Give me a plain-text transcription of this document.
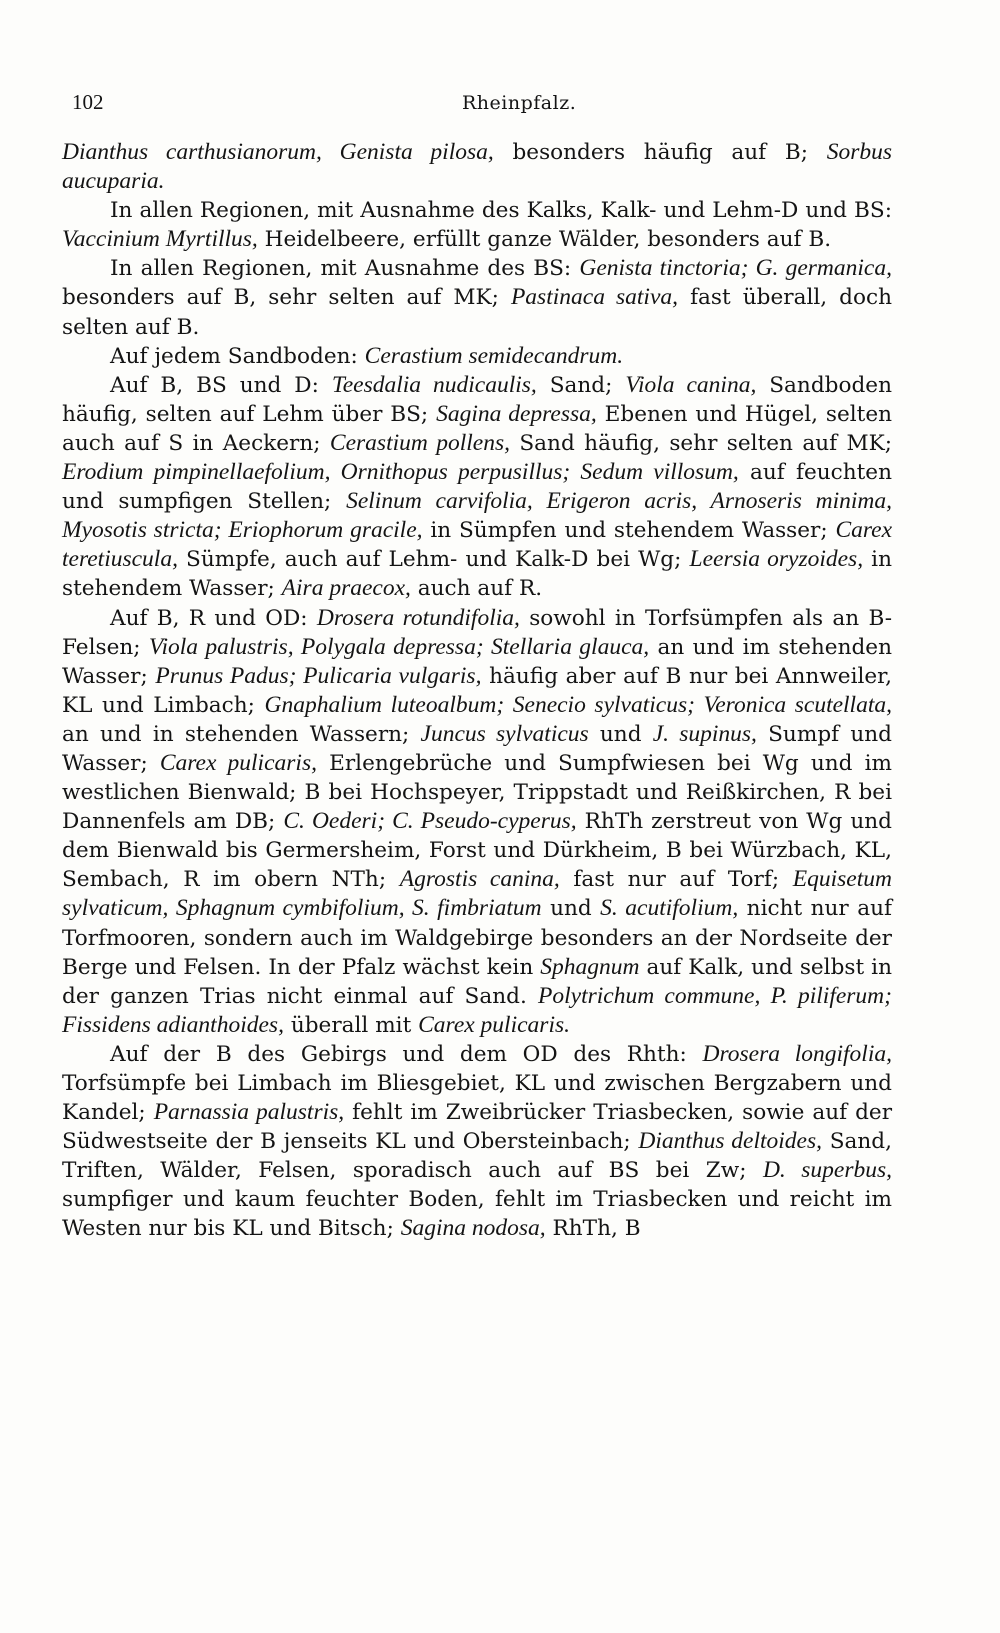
102	Rheinpfalz.

Dianthus carthusianorum, Genista pilosa, besonders häufig auf B; Sorbus aucuparia.

In allen Regionen, mit Ausnahme des Kalks, Kalk- und Lehm-D und BS: Vaccinium Myrtillus, Heidelbeere, erfüllt ganze Wälder, besonders auf B.

In allen Regionen, mit Ausnahme des BS: Genista tinctoria; G. germanica, besonders auf B, sehr selten auf MK; Pastinaca sativa, fast überall, doch selten auf B.

Auf jedem Sandboden: Cerastium semidecandrum.

Auf B, BS und D: Teesdalia nudicaulis, Sand; Viola canina, Sandboden häufig, selten auf Lehm über BS; Sagina depressa, Ebenen und Hügel, selten auch auf S in Aeckern; Cerastium pollens, Sand häufig, sehr selten auf MK; Erodium pimpinellaefolium, Ornithopus perpusillus; Sedum villosum, auf feuchten und sumpfigen Stellen; Selinum carvifolia, Erigeron acris, Arnoseris minima, Myosotis stricta; Eriophorum gracile, in Sümpfen und stehendem Wasser; Carex teretiuscula, Sümpfe, auch auf Lehm- und Kalk-D bei Wg; Leersia oryzoides, in stehendem Wasser; Aira praecox, auch auf R.

Auf B, R und OD: Drosera rotundifolia, sowohl in Torfsümpfen als an B-Felsen; Viola palustris, Polygala depressa; Stellaria glauca, an und im stehenden Wasser; Prunus Padus; Pulicaria vulgaris, häufig aber auf B nur bei Annweiler, KL und Limbach; Gnaphalium luteoalbum; Senecio sylvaticus; Veronica scutellata, an und in stehenden Wassern; Juncus sylvaticus und J. supinus, Sumpf und Wasser; Carex pulicaris, Erlengebrüche und Sumpfwiesen bei Wg und im westlichen Bienwald; B bei Hochspeyer, Trippstadt und Reißkirchen, R bei Dannenfels am DB; C. Oederi; C. Pseudo-cyperus, RhTh zerstreut von Wg und dem Bienwald bis Germersheim, Forst und Dürkheim, B bei Würzbach, KL, Sembach, R im obern NTh; Agrostis canina, fast nur auf Torf; Equisetum sylvaticum, Sphagnum cymbifolium, S. fimbriatum und S. acutifolium, nicht nur auf Torfmooren, sondern auch im Waldgebirge besonders an der Nordseite der Berge und Felsen. In der Pfalz wächst kein Sphagnum auf Kalk, und selbst in der ganzen Trias nicht einmal auf Sand. Polytrichum commune, P. piliferum; Fissidens adianthoides, überall mit Carex pulicaris.

Auf der B des Gebirgs und dem OD des Rhth: Drosera longifolia, Torfsümpfe bei Limbach im Bliesgebiet, KL und zwischen Bergzabern und Kandel; Parnassia palustris, fehlt im Zweibrücker Triasbecken, sowie auf der Südwestseite der B jenseits KL und Obersteinbach; Dianthus deltoides, Sand, Triften, Wälder, Felsen, sporadisch auch auf BS bei Zw; D. superbus, sumpfiger und kaum feuchter Boden, fehlt im Triasbecken und reicht im Westen nur bis KL und Bitsch; Sagina nodosa, RhTh, B
